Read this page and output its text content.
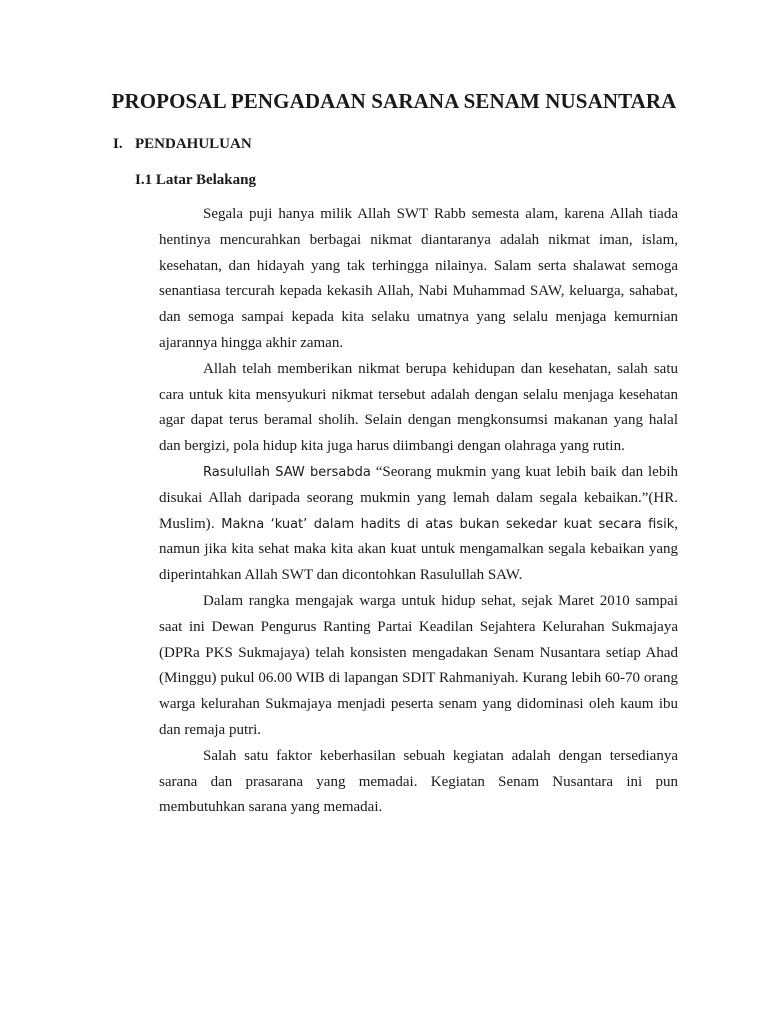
PROPOSAL PENGADAAN SARANA SENAM NUSANTARA
I. PENDAHULUAN
I.1 Latar Belakang

Segala puji hanya milik Allah SWT Rabb semesta alam, karena Allah tiada hentinya mencurahkan berbagai nikmat diantaranya adalah nikmat iman, islam, kesehatan, dan hidayah yang tak terhingga nilainya. Salam serta shalawat semoga senantiasa tercurah kepada kekasih Allah, Nabi Muhammad SAW, keluarga, sahabat, dan semoga sampai kepada kita selaku umatnya yang selalu menjaga kemurnian ajarannya hingga akhir zaman.

Allah telah memberikan nikmat berupa kehidupan dan kesehatan, salah satu cara untuk kita mensyukuri nikmat tersebut adalah dengan selalu menjaga kesehatan agar dapat terus beramal sholih. Selain dengan mengkonsumsi makanan yang halal dan bergizi, pola hidup kita juga harus diimbangi dengan olahraga yang rutin.

Rasulullah SAW bersabda “Seorang mukmin yang kuat lebih baik dan lebih disukai Allah daripada seorang mukmin yang lemah dalam segala kebaikan.”(HR. Muslim). Makna ‘kuat’ dalam hadits di atas bukan sekedar kuat secara fisik, namun jika kita sehat maka kita akan kuat untuk mengamalkan segala kebaikan yang diperintahkan Allah SWT dan dicontohkan Rasulullah SAW.

Dalam rangka mengajak warga untuk hidup sehat, sejak Maret 2010 sampai saat ini Dewan Pengurus Ranting Partai Keadilan Sejahtera Kelurahan Sukmajaya (DPRa PKS Sukmajaya) telah konsisten mengadakan Senam Nusantara setiap Ahad (Minggu) pukul 06.00 WIB di lapangan SDIT Rahmaniyah. Kurang lebih 60-70 orang warga kelurahan Sukmajaya menjadi peserta senam yang didominasi oleh kaum ibu dan remaja putri.

Salah satu faktor keberhasilan sebuah kegiatan adalah dengan tersedianya sarana dan prasarana yang memadai. Kegiatan Senam Nusantara ini pun membutuhkan sarana yang memadai.
